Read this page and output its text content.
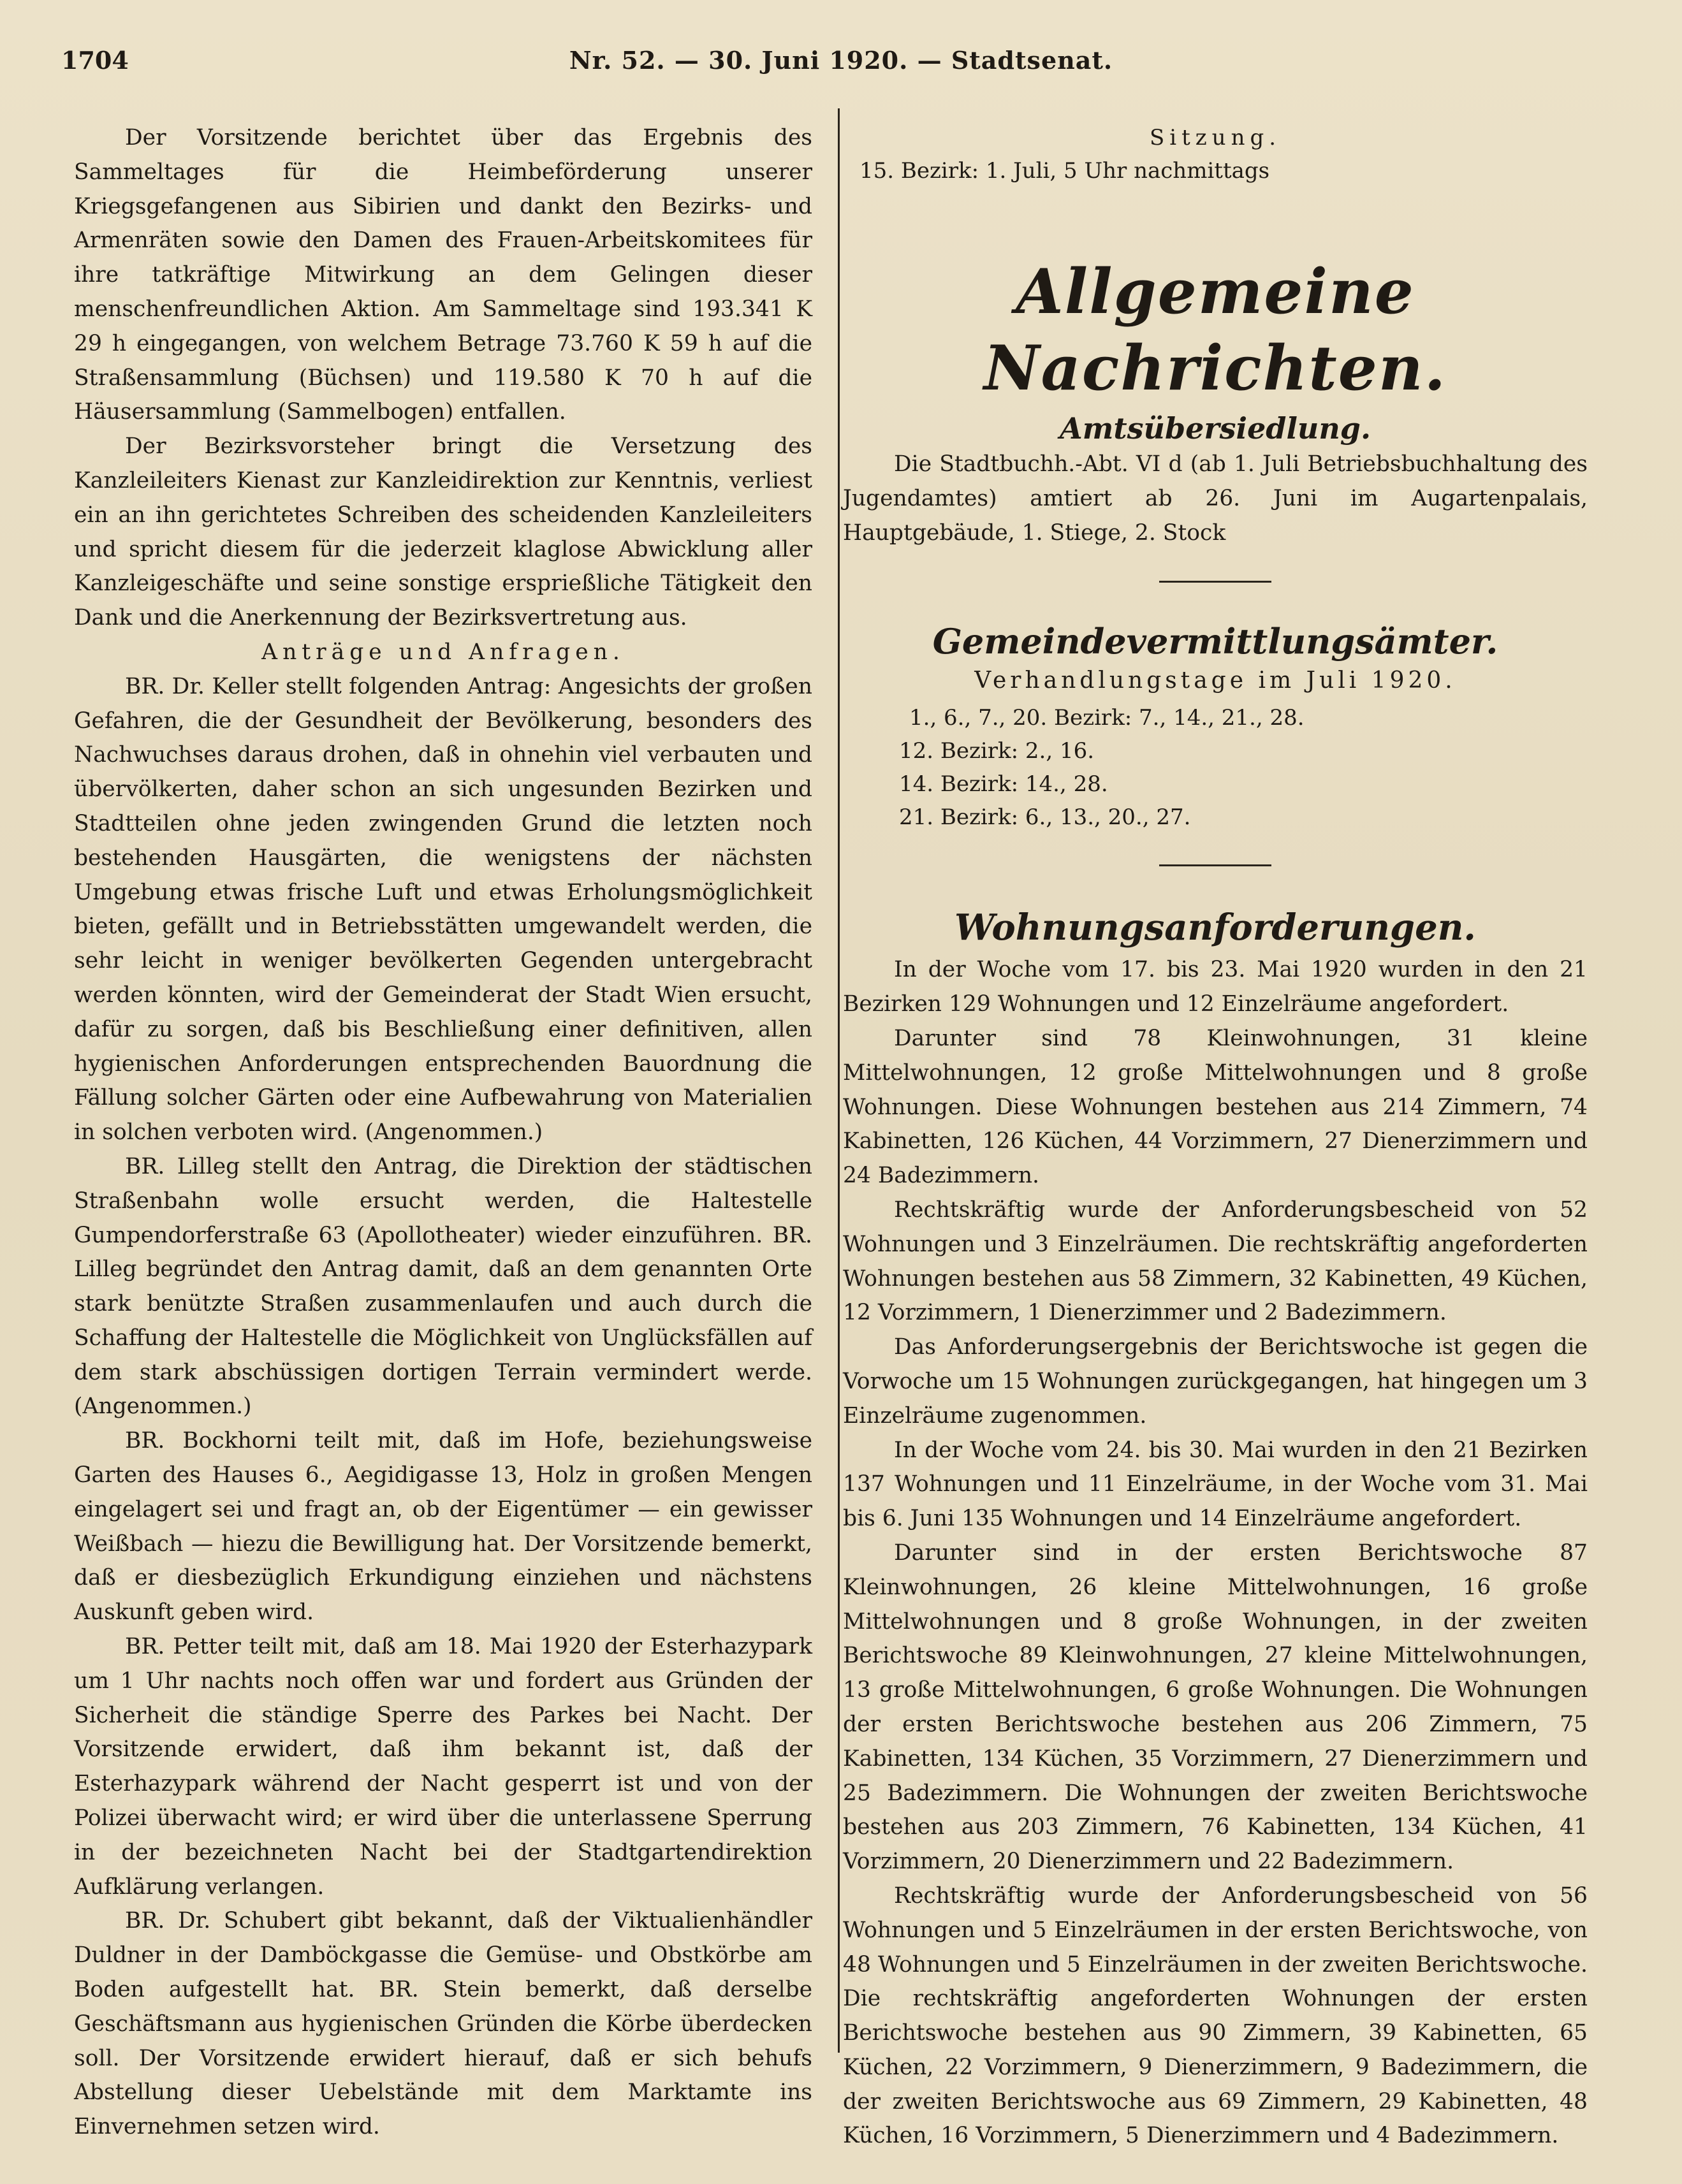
1704	Nr. 52. — 30. Juni 1920. — Stadtsenat.

Der Vorsitzende berichtet über das Ergebnis des Sammeltages für die Heimbeförderung unserer Kriegsgefangenen aus Sibirien und dankt den Bezirks- und Armenräten sowie den Damen des Frauen-Arbeitskomitees für ihre tatkräftige Mitwirkung an dem Gelingen dieser menschenfreundlichen Aktion. Am Sammeltage sind 193.341 K 29 h eingegangen, von welchem Betrage 73.760 K 59 h auf die Straßensammlung (Büchsen) und 119.580 K 70 h auf die Häusersammlung (Sammelbogen) entfallen.

Der Bezirksvorsteher bringt die Versetzung des Kanzleileiters Kienast zur Kanzleidirektion zur Kenntnis, verliest ein an ihn gerichtetes Schreiben des scheidenden Kanzleileiters und spricht diesem für die jederzeit klaglose Abwicklung aller Kanzleigeschäfte und seine sonstige ersprießliche Tätigkeit den Dank und die Anerkennung der Bezirksvertretung aus.

Anträge und Anfragen.

BR. Dr. Keller stellt folgenden Antrag: Angesichts der großen Gefahren, die der Gesundheit der Bevölkerung, besonders des Nachwuchses daraus drohen, daß in ohnehin viel verbauten und übervölkerten, daher schon an sich ungesunden Bezirken und Stadtteilen ohne jeden zwingenden Grund die letzten noch bestehenden Hausgärten, die wenigstens der nächsten Umgebung etwas frische Luft und etwas Erholungsmöglichkeit bieten, gefällt und in Betriebsstätten umgewandelt werden, die sehr leicht in weniger bevölkerten Gegenden untergebracht werden könnten, wird der Gemeinderat der Stadt Wien ersucht, dafür zu sorgen, daß bis Beschließung einer definitiven, allen hygienischen Anforderungen entsprechenden Bauordnung die Fällung solcher Gärten oder eine Aufbewahrung von Materialien in solchen verboten wird. (Angenommen.)

BR. Lilleg stellt den Antrag, die Direktion der städtischen Straßenbahn wolle ersucht werden, die Haltestelle Gumpendorferstraße 63 (Apollotheater) wieder einzuführen. BR. Lilleg begründet den Antrag damit, daß an dem genannten Orte stark benützte Straßen zusammenlaufen und auch durch die Schaffung der Haltestelle die Möglichkeit von Unglücksfällen auf dem stark abschüssigen dortigen Terrain vermindert werde. (Angenommen.)

BR. Bockhorni teilt mit, daß im Hofe, beziehungsweise Garten des Hauses 6., Aegidigasse 13, Holz in großen Mengen eingelagert sei und fragt an, ob der Eigentümer — ein gewisser Weißbach — hiezu die Bewilligung hat. Der Vorsitzende bemerkt, daß er diesbezüglich Erkundigung einziehen und nächstens Auskunft geben wird.

BR. Petter teilt mit, daß am 18. Mai 1920 der Esterhazypark um 1 Uhr nachts noch offen war und fordert aus Gründen der Sicherheit die ständige Sperre des Parkes bei Nacht. Der Vorsitzende erwidert, daß ihm bekannt ist, daß der Esterhazypark während der Nacht gesperrt ist und von der Polizei überwacht wird; er wird über die unterlassene Sperrung in der bezeichneten Nacht bei der Stadtgartendirektion Aufklärung verlangen.

BR. Dr. Schubert gibt bekannt, daß der Viktualienhändler Duldner in der Damböckgasse die Gemüse- und Obstkörbe am Boden aufgestellt hat. BR. Stein bemerkt, daß derselbe Geschäftsmann aus hygienischen Gründen die Körbe überdecken soll. Der Vorsitzende erwidert hierauf, daß er sich behufs Abstellung dieser Uebelstände mit dem Marktamte ins Einvernehmen setzen wird.

Sitzung.
15. Bezirk: 1. Juli, 5 Uhr nachmittags
Allgemeine Nachrichten.
Amtsübersiedlung.

Die Stadtbuchh.-Abt. VI d (ab 1. Juli Betriebsbuchhaltung des Jugendamtes) amtiert ab 26. Juni im Augartenpalais, Hauptgebäude, 1. Stiege, 2. Stock

Gemeindevermittlungsämter.
Verhandlungstage im Juli 1920.
1., 6., 7., 20. Bezirk: 7., 14., 21., 28.
12. Bezirk: 2., 16.
14. Bezirk: 14., 28.
21. Bezirk: 6., 13., 20., 27.
Wohnungsanforderungen.

In der Woche vom 17. bis 23. Mai 1920 wurden in den 21 Bezirken 129 Wohnungen und 12 Einzelräume angefordert.

Darunter sind 78 Kleinwohnungen, 31 kleine Mittelwohnungen, 12 große Mittelwohnungen und 8 große Wohnungen. Diese Wohnungen bestehen aus 214 Zimmern, 74 Kabinetten, 126 Küchen, 44 Vorzimmern, 27 Dienerzimmern und 24 Badezimmern.

Rechtskräftig wurde der Anforderungsbescheid von 52 Wohnungen und 3 Einzelräumen. Die rechtskräftig angeforderten Wohnungen bestehen aus 58 Zimmern, 32 Kabinetten, 49 Küchen, 12 Vorzimmern, 1 Dienerzimmer und 2 Badezimmern.

Das Anforderungsergebnis der Berichtswoche ist gegen die Vorwoche um 15 Wohnungen zurückgegangen, hat hingegen um 3 Einzelräume zugenommen.

In der Woche vom 24. bis 30. Mai wurden in den 21 Bezirken 137 Wohnungen und 11 Einzelräume, in der Woche vom 31. Mai bis 6. Juni 135 Wohnungen und 14 Einzelräume angefordert.

Darunter sind in der ersten Berichtswoche 87 Kleinwohnungen, 26 kleine Mittelwohnungen, 16 große Mittelwohnungen und 8 große Wohnungen, in der zweiten Berichtswoche 89 Kleinwohnungen, 27 kleine Mittelwohnungen, 13 große Mittelwohnungen, 6 große Wohnungen. Die Wohnungen der ersten Berichtswoche bestehen aus 206 Zimmern, 75 Kabinetten, 134 Küchen, 35 Vorzimmern, 27 Dienerzimmern und 25 Badezimmern. Die Wohnungen der zweiten Berichtswoche bestehen aus 203 Zimmern, 76 Kabinetten, 134 Küchen, 41 Vorzimmern, 20 Dienerzimmern und 22 Badezimmern.

Rechtskräftig wurde der Anforderungsbescheid von 56 Wohnungen und 5 Einzelräumen in der ersten Berichtswoche, von 48 Wohnungen und 5 Einzelräumen in der zweiten Berichtswoche. Die rechtskräftig angeforderten Wohnungen der ersten Berichtswoche bestehen aus 90 Zimmern, 39 Kabinetten, 65 Küchen, 22 Vorzimmern, 9 Dienerzimmern, 9 Badezimmern, die der zweiten Berichtswoche aus 69 Zimmern, 29 Kabinetten, 48 Küchen, 16 Vorzimmern, 5 Dienerzimmern und 4 Badezimmern.
